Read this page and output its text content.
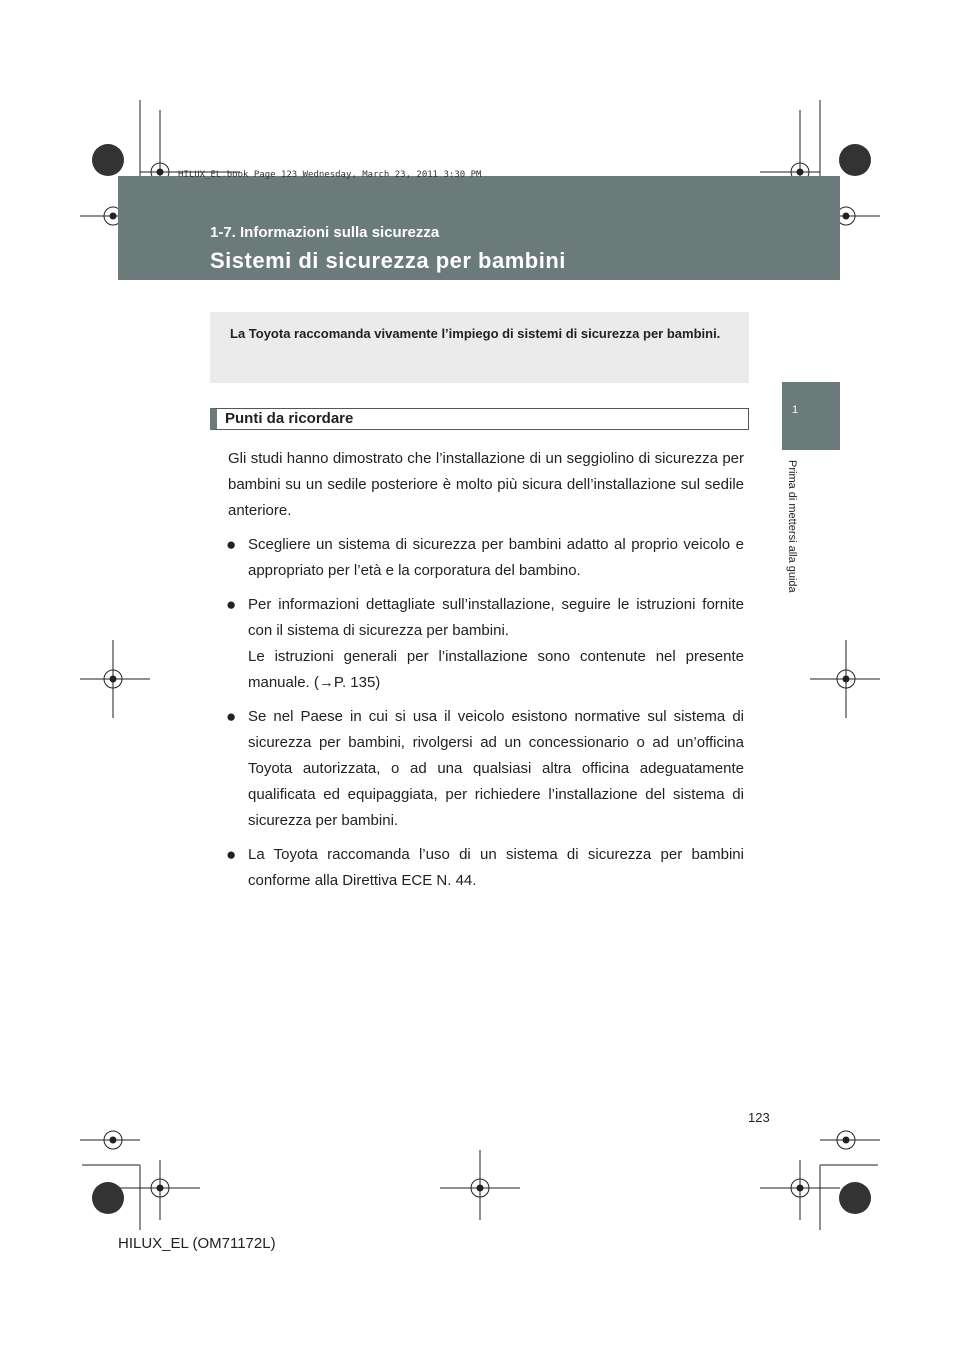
HILUX_EL.book Page 123 Wednesday, March 23, 2011 3:30 PM
1-7. Informazioni sulla sicurezza
Sistemi di sicurezza per bambini
1
Prima di mettersi alla guida
La Toyota raccomanda vivamente l’impiego di sistemi di sicurezza per bambini.
Punti da ricordare

Gli studi hanno dimostrato che l’installazione di un seggiolino di sicurezza per bambini su un sedile posteriore è molto più sicura dell’installazione sul sedile anteriore.

● Scegliere un sistema di sicurezza per bambini adatto al proprio veicolo e appropriato per l’età e la corporatura del bambino.

● Per informazioni dettagliate sull’installazione, seguire le istruzioni fornite con il sistema di sicurezza per bambini.
Le istruzioni generali per l’installazione sono contenute nel presente manuale. (→P. 135)

● Se nel Paese in cui si usa il veicolo esistono normative sul sistema di sicurezza per bambini, rivolgersi ad un concessionario o ad un’officina Toyota autorizzata, o ad una qualsiasi altra officina adeguatamente qualificata ed equipaggiata, per richiedere l’installazione del sistema di sicurezza per bambini.

● La Toyota raccomanda l’uso di un sistema di sicurezza per bambini conforme alla Direttiva ECE N. 44.

123
HILUX_EL (OM71172L)
